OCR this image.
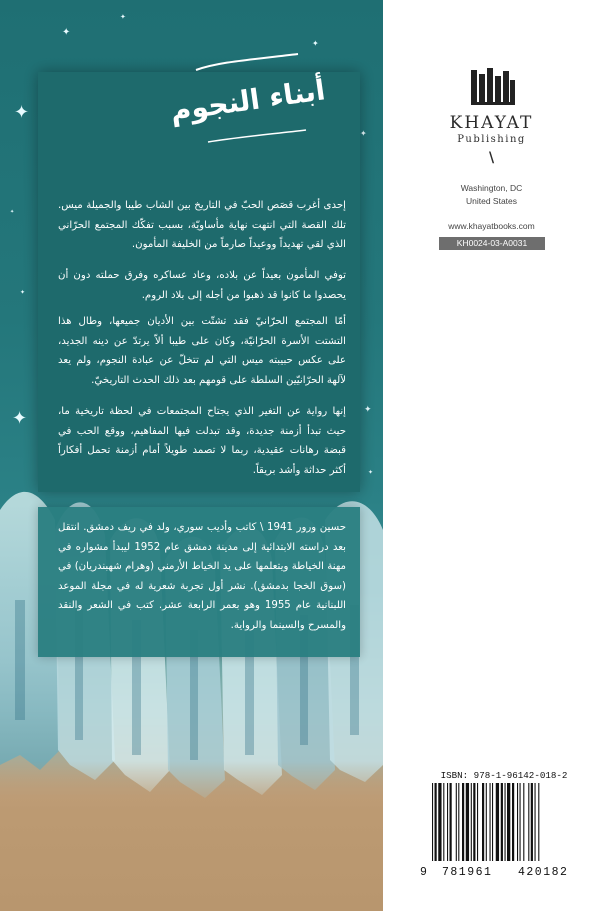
✦
✦
✦
✦
✦
✦	✦
✦
✦
✦
أبناء النجوم
إحدى أغرب قصَص الحبّ في التاريخ بين الشاب طيبا والجميلة ميس. تلك القصة التي انتهت نهاية مأساويّة، بسبب تفكّك المجتمع الحرّاني الذي لقي تهديداً ووعيداً صارماً من الخليفة المأمون.
توفي المأمون بعيداً عن بلاده، وعاد عساكره وفرق حملته دون أن يحصدوا ما كانوا قد ذهبوا من أجله إلى بلاد الروم.
أمّا المجتمع الحرّانيّ فقد تشتّت بين الأديان جميعها، وطال هذا التشتت الأسرة الحرّانيّة، وكان على طيبا ألاّ يرتدّ عن دينه الجديد، على عكس حبيبته ميس التي لم تتخلّ عن عبادة النجوم، ولم يعد لآلهة الحرّانيّين السلطة على قومهم بعد ذلك الحدث التاريخيّ.
إنها رواية عن التغير الذي يجتاح المجتمعات في لحظة تاريخية ما، حيث تبدأ أزمنة جديدة، وقد تبدلت فيها المفاهيم، ووقع الحب في قبضة رهانات عقيدية، ربما لا تصمد طويلاً أمام أزمنة تحمل أفكاراً أكثر حداثة وأشد بريقاً.
حسين ورور 1941 \ كاتب وأديب سوري، ولد في ريف دمشق. انتقل بعد دراسته الابتدائية إلى مدينة دمشق عام 1952 ليبدأ مشواره في مهنة الخياطة ويتعلمها على يد الخياط الأرمني (وهرام شهبندريان) في (سوق الخجا بدمشق). نشر أول تجربة شعرية له في مجلة الموعد اللبنانية عام 1955 وهو بعمر الرابعة عشر. كتب في الشعر والنقد والمسرح والسينما والرواية.
KHAYAT
Publishing
\
Washington, DC
United States
www.khayatbooks.com
KH0024-03-A0031
ISBN: 978-1-96142-018-2
9 781961 420182
